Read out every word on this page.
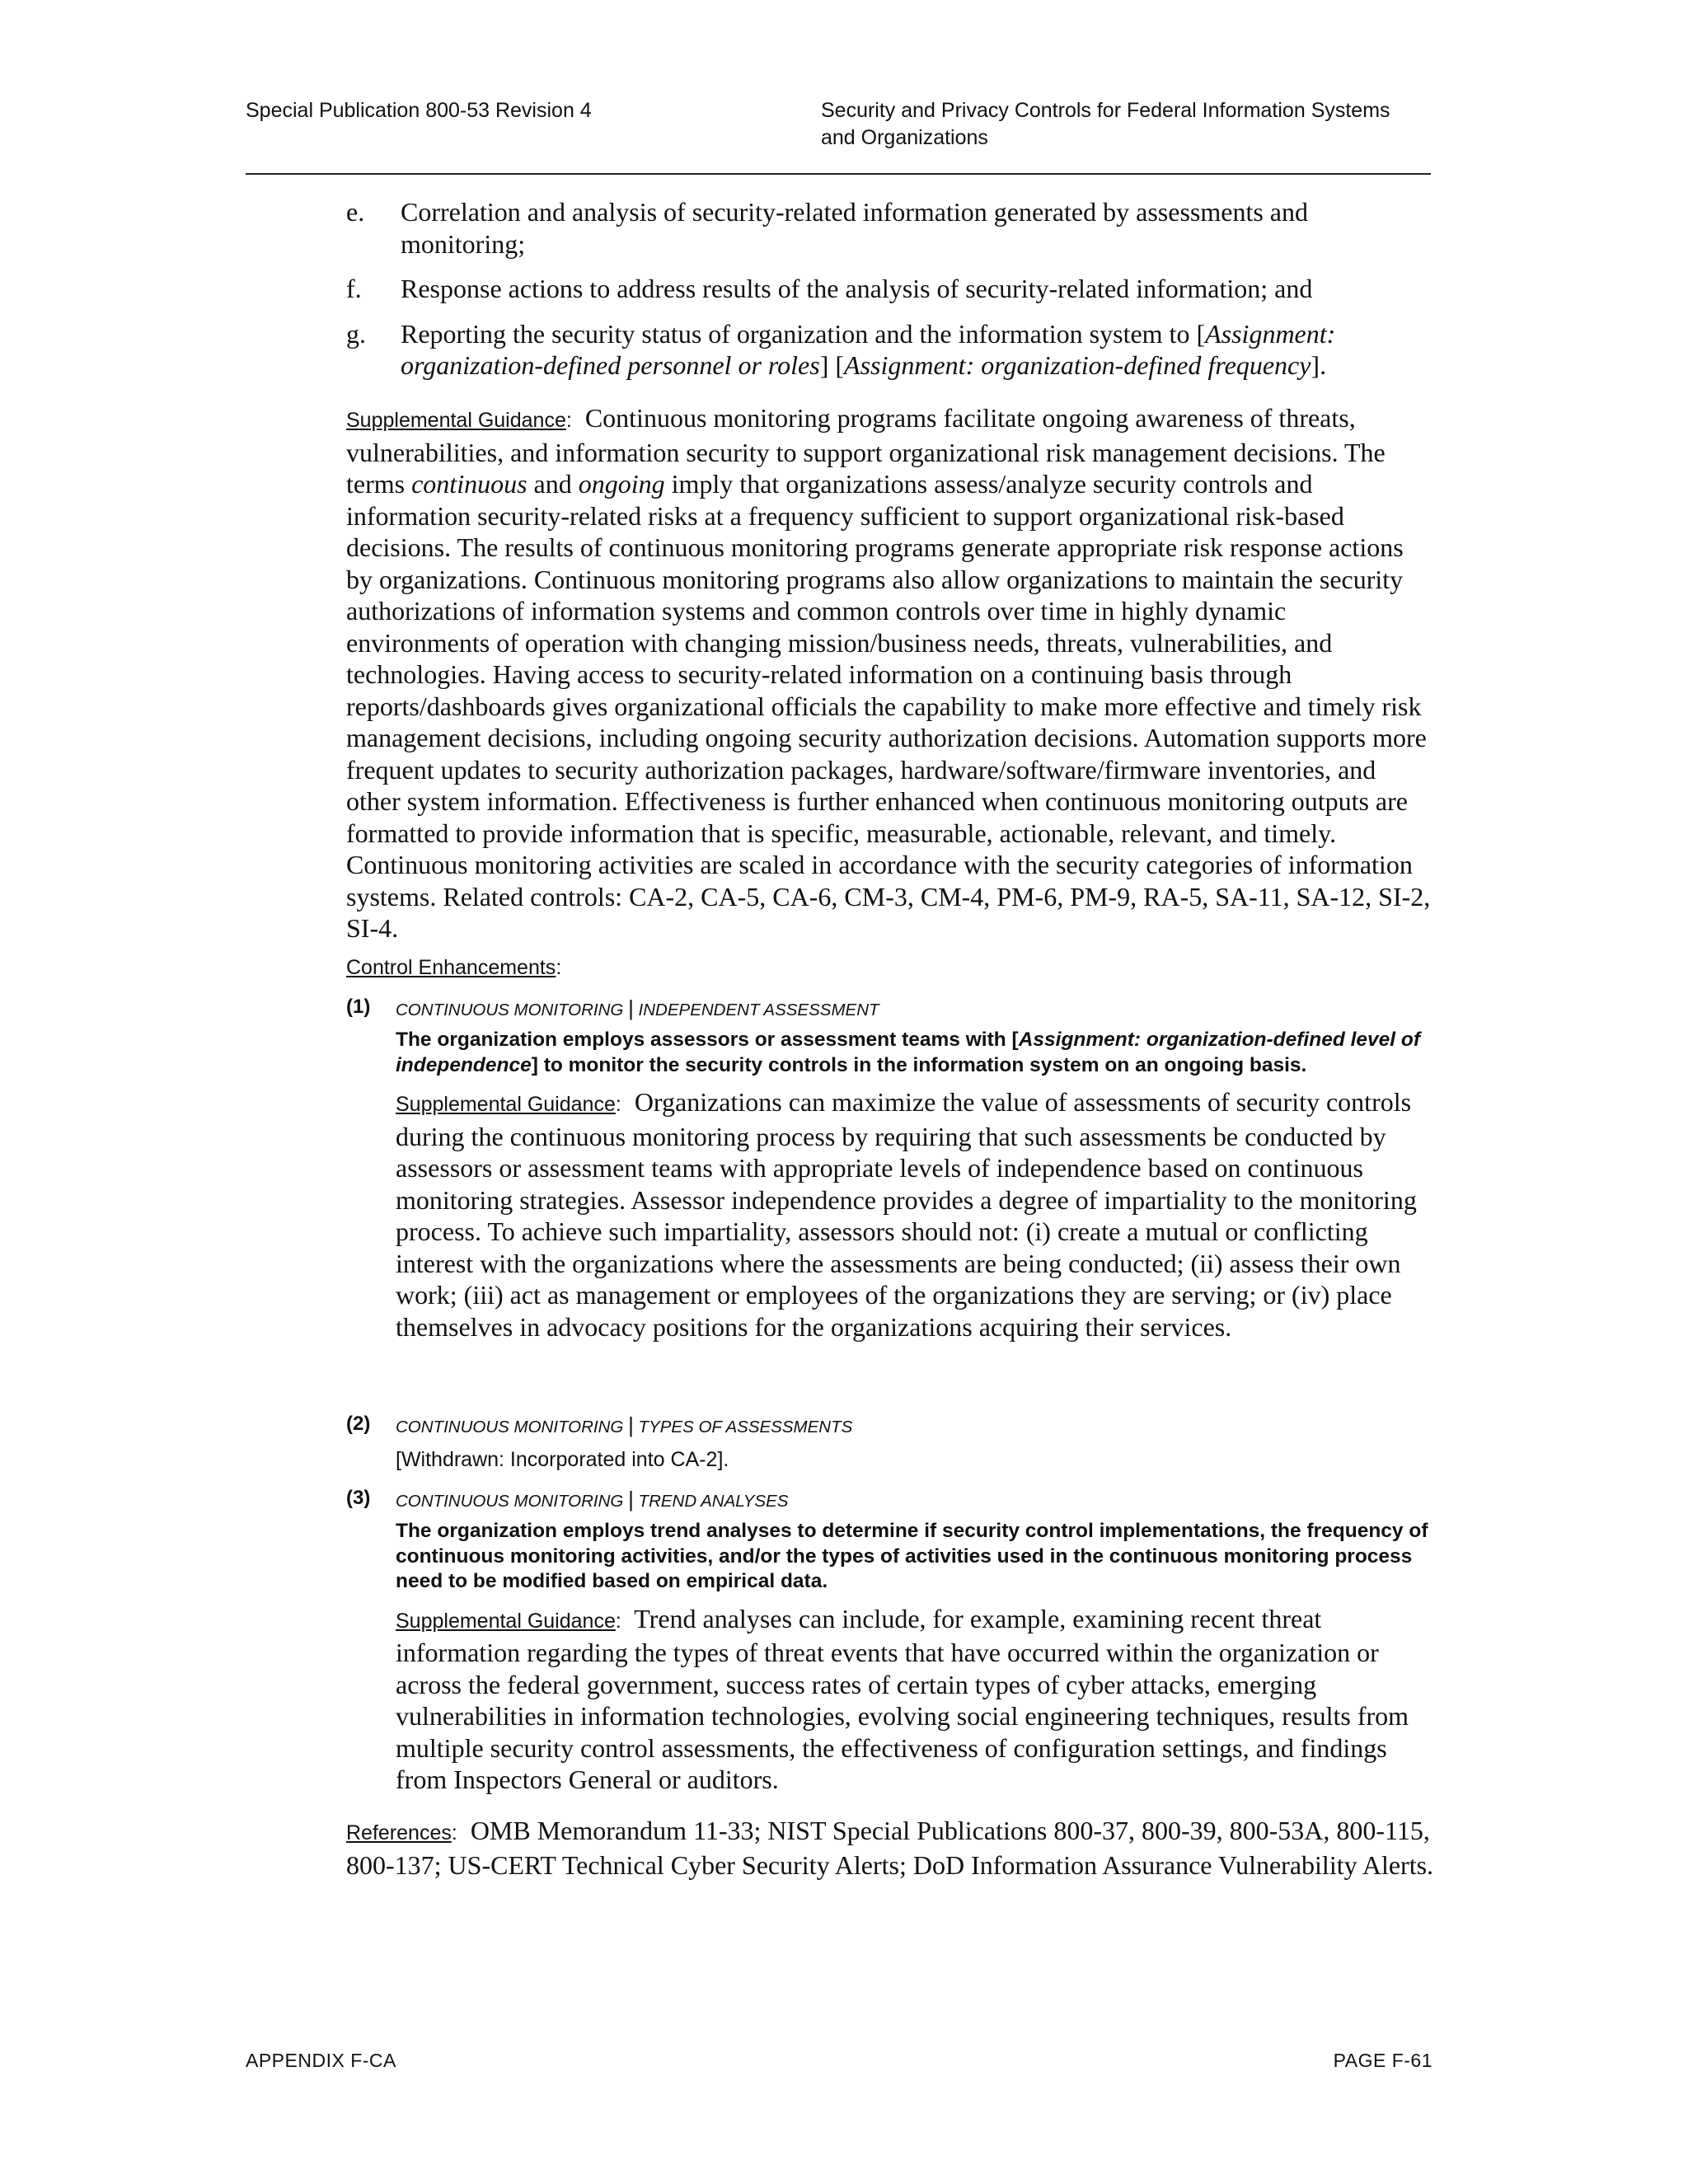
Special Publication 800-53 Revision 4	Security and Privacy Controls for Federal Information Systems
and Organizations
e.	Correlation and analysis of security-related information generated by assessments and monitoring;
f.	Response actions to address results of the analysis of security-related information; and
g.	Reporting the security status of organization and the information system to [Assignment: organization-defined personnel or roles] [Assignment: organization-defined frequency].
Supplemental Guidance: Continuous monitoring programs facilitate ongoing awareness of threats, vulnerabilities, and information security to support organizational risk management decisions. The terms continuous and ongoing imply that organizations assess/analyze security controls and information security-related risks at a frequency sufficient to support organizational risk-based decisions. The results of continuous monitoring programs generate appropriate risk response actions by organizations. Continuous monitoring programs also allow organizations to maintain the security authorizations of information systems and common controls over time in highly dynamic environments of operation with changing mission/business needs, threats, vulnerabilities, and technologies. Having access to security-related information on a continuing basis through reports/dashboards gives organizational officials the capability to make more effective and timely risk management decisions, including ongoing security authorization decisions. Automation supports more frequent updates to security authorization packages, hardware/software/firmware inventories, and other system information. Effectiveness is further enhanced when continuous monitoring outputs are formatted to provide information that is specific, measurable, actionable, relevant, and timely. Continuous monitoring activities are scaled in accordance with the security categories of information systems. Related controls: CA-2, CA-5, CA-6, CM-3, CM-4, PM-6, PM-9, RA-5, SA-11, SA-12, SI-2, SI-4.
Control Enhancements:
(1) CONTINUOUS MONITORING | INDEPENDENT ASSESSMENT
The organization employs assessors or assessment teams with [Assignment: organization-defined level of independence] to monitor the security controls in the information system on an ongoing basis.
Supplemental Guidance: Organizations can maximize the value of assessments of security controls during the continuous monitoring process by requiring that such assessments be conducted by assessors or assessment teams with appropriate levels of independence based on continuous monitoring strategies. Assessor independence provides a degree of impartiality to the monitoring process. To achieve such impartiality, assessors should not: (i) create a mutual or conflicting interest with the organizations where the assessments are being conducted; (ii) assess their own work; (iii) act as management or employees of the organizations they are serving; or (iv) place themselves in advocacy positions for the organizations acquiring their services.
(2) CONTINUOUS MONITORING | TYPES OF ASSESSMENTS
[Withdrawn: Incorporated into CA-2].
(3) CONTINUOUS MONITORING | TREND ANALYSES
The organization employs trend analyses to determine if security control implementations, the frequency of continuous monitoring activities, and/or the types of activities used in the continuous monitoring process need to be modified based on empirical data.
Supplemental Guidance: Trend analyses can include, for example, examining recent threat information regarding the types of threat events that have occurred within the organization or across the federal government, success rates of certain types of cyber attacks, emerging vulnerabilities in information technologies, evolving social engineering techniques, results from multiple security control assessments, the effectiveness of configuration settings, and findings from Inspectors General or auditors.
References: OMB Memorandum 11-33; NIST Special Publications 800-37, 800-39, 800-53A, 800-115, 800-137; US-CERT Technical Cyber Security Alerts; DoD Information Assurance Vulnerability Alerts.
APPENDIX F-CA	PAGE F-61
